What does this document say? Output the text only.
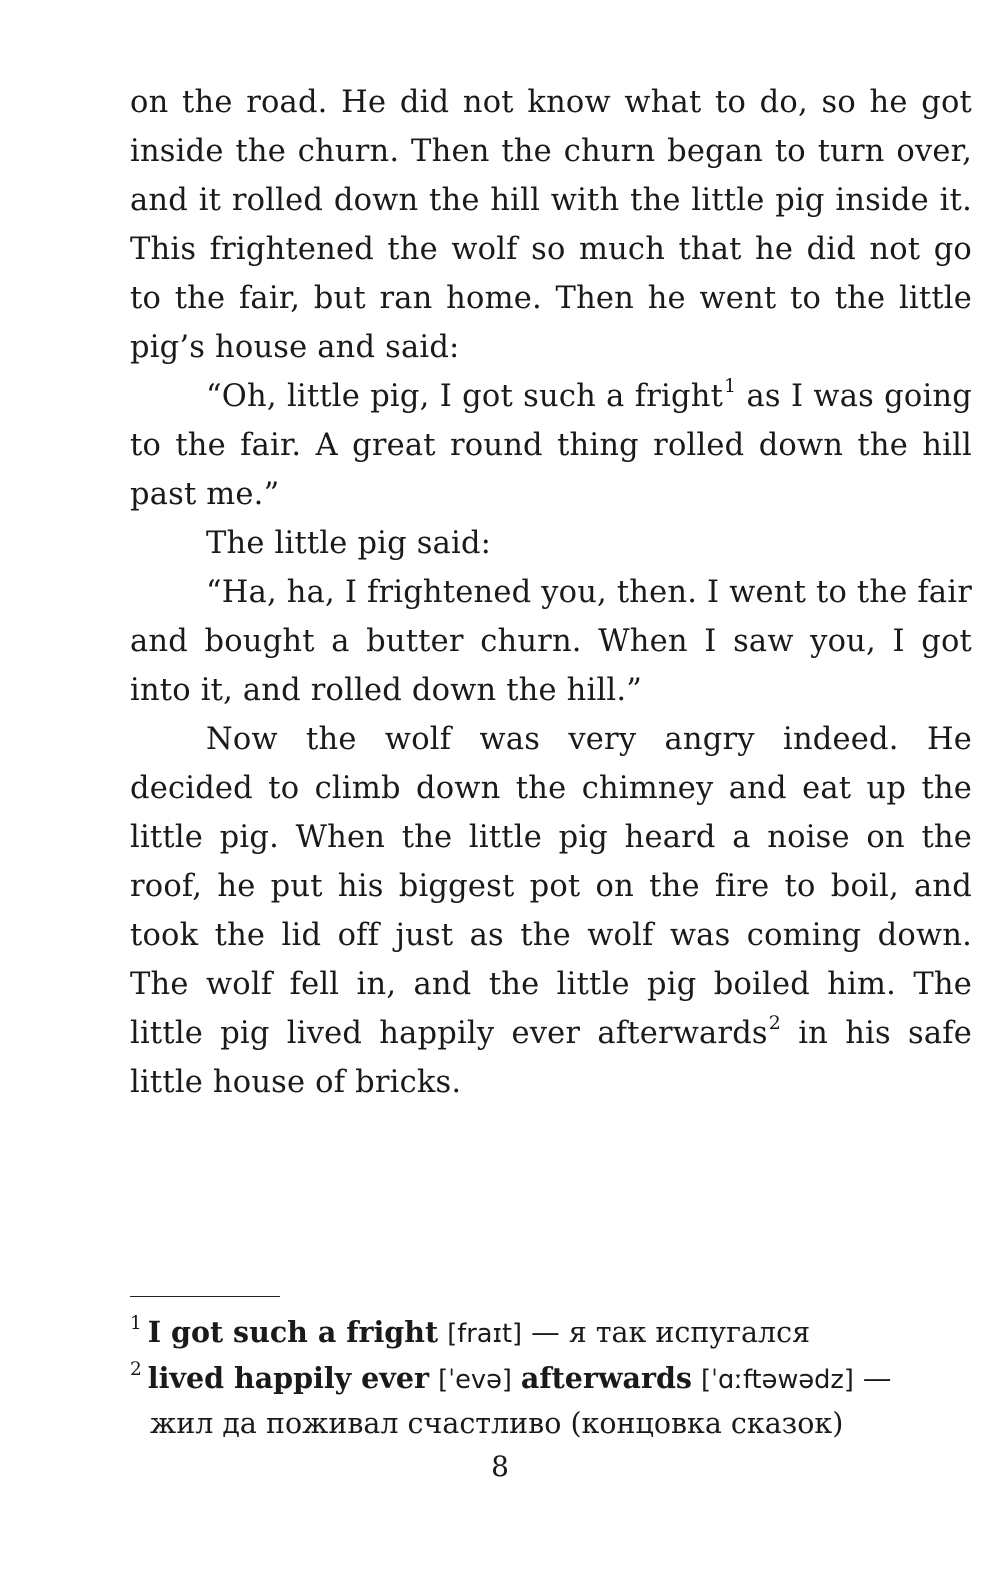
on the road. He did not know what to do, so he got inside the churn. Then the churn began to turn over, and it rolled down the hill with the little pig inside it. This frightened the wolf so much that he did not go to the fair, but ran home. Then he went to the little pig’s house and said:

“Oh, little pig, I got such a fright$^1$ as I was going to the fair. A great round thing rolled down the hill past me.”

The little pig said:

“Ha, ha, I frightened you, then. I went to the fair and bought a butter churn. When I saw you, I got into it, and rolled down the hill.”

Now the wolf was very angry indeed. He decided to climb down the chimney and eat up the little pig. When the little pig heard a noise on the roof, he put his biggest pot on the fire to boil, and took the lid off just as the wolf was coming down. The wolf fell in, and the little pig boiled him. The little pig lived happily ever afterwards$^2$ in his safe little house of bricks.

$^1$ I got such a fright [fraɪt] — я так испугался

$^2$ lived happily ever [ˈevə] afterwards [ˈɑːftəwədz] —

жил да поживал счастливо (концовка сказок)

8
